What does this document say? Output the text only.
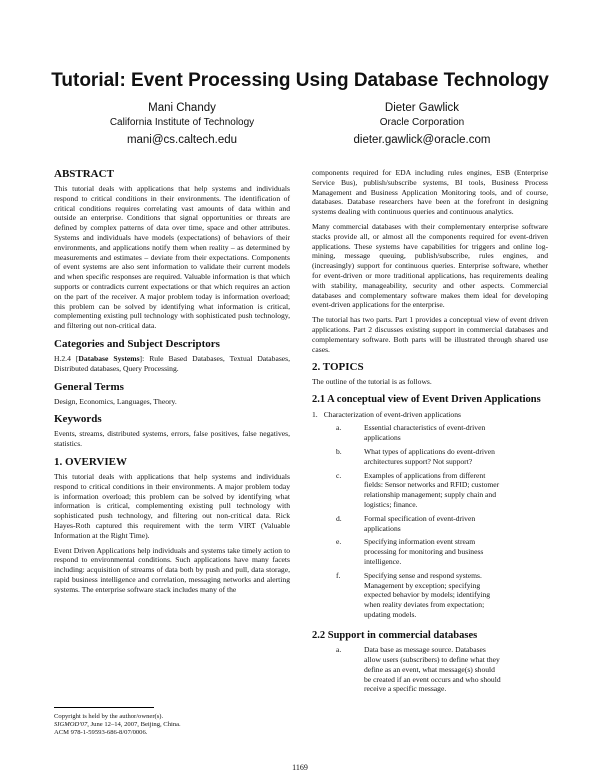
Tutorial: Event Processing Using Database Technology
Mani Chandy
California Institute of Technology
mani@cs.caltech.edu
Dieter Gawlick
Oracle Corporation
dieter.gawlick@oracle.com
ABSTRACT

This tutorial deals with applications that help systems and individuals respond to critical conditions in their environments. The identification of critical conditions requires correlating vast amounts of data within and outside an enterprise. Conditions that signal opportunities or threats are defined by complex patterns of data over time, space and other attributes. Systems and individuals have models (expectations) of behaviors of their environments, and applications notify them when reality – as determined by measurements and estimates – deviate from their expectations. Components of event systems are also sent information to validate their current models and when specific responses are required. Valuable information is that which supports or contradicts current expectations or that which requires an action on the part of the receiver. A major problem today is information overload; this problem can be solved by identifying what information is critical, complementing existing pull technology with sophisticated push technology, and filtering out non-critical data.

Categories and Subject Descriptors

H.2.4 [Database Systems]: Rule Based Databases, Textual Databases, Distributed databases, Query Processing.

General Terms

Design, Economics, Languages, Theory.

Keywords

Events, streams, distributed systems, errors, false positives, false negatives, statistics.

1. OVERVIEW

This tutorial deals with applications that help systems and individuals respond to critical conditions in their environments. A major problem today is information overload; this problem can be solved by identifying what information is critical, complementing existing pull technology with sophisticated push technology, and filtering out non-critical data. Rick Hayes-Roth captured this requirement with the term VIRT (Valuable Information at the Right Time).

Event Driven Applications help individuals and systems take timely action to respond to environmental conditions. Such applications have many facets including: acquisition of streams of data both by push and pull, data storage, rapid business intelligence and correlation, messaging networks and alerting systems. The enterprise software stack includes many of the

Copyright is held by the author/owner(s).
SIGMOD'07, June 12–14, 2007, Beijing, China.
ACM 978-1-59593-686-8/07/0006.

components required for EDA including rules engines, ESB (Enterprise Service Bus), publish/subscribe systems, BI tools, Business Process Management and Business Application Monitoring tools, and of course, databases. Database researchers have been at the forefront in designing systems dealing with continuous queries and continuous analytics.

Many commercial databases with their complementary enterprise software stacks provide all, or almost all the components required for event-driven applications. These systems have capabilities for triggers and online log-mining, message queuing, publish/subscribe, rules engines, and (increasingly) support for continuous queries. Enterprise software, whether for event-driven or more traditional applications, has requirements dealing with stability, manageability, security and other aspects. Commercial databases and complementary software makes them ideal for developing event-driven applications for the enterprise.

The tutorial has two parts. Part 1 provides a conceptual view of event driven applications. Part 2 discusses existing support in commercial databases and complementary software. Both parts will be illustrated through shared use cases.

2. TOPICS

The outline of the tutorial is as follows.

2.1 A conceptual view of Event Driven Applications
1. Characterization of event-driven applications
a.	Essential characteristics of event-driven applications
b.	What types of applications do event-driven architectures support? Not support?
c.	Examples of applications from different fields: Sensor networks and RFID; customer relationship management; supply chain and logistics; finance.
d.	Formal specification of event-driven applications
e.	Specifying information event stream processing for monitoring and business intelligence.
f.	Specifying sense and respond systems. Management by exception; specifying expected behavior by models; identifying when reality deviates from expectation; updating models.
2.2 Support in commercial databases
a.	Data base as message source. Databases allow users (subscribers) to define what they define as an event, what message(s) should be created if an event occurs and who should receive a specific message.
1169
